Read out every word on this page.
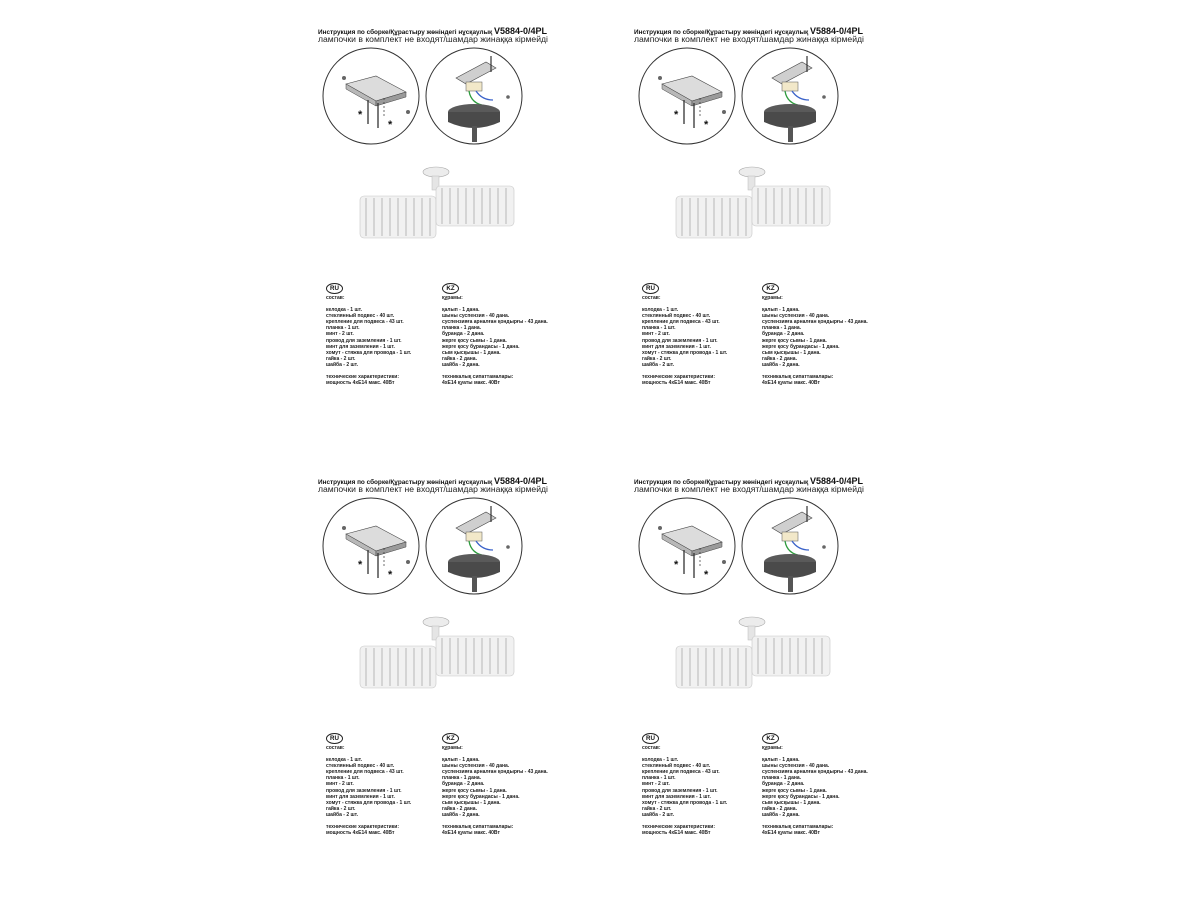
*
*
Инструкция по сборке/Құрастыру жөніндегі нұсқаулық V5884-0/4PL
лампочки в комплект не входят/шамдар жинаққа кірмейді
RU
состав:
келодка - 1 шт.
стеклянный подвес - 40 шт.
крепление для подвеса - 43 шт.
планка - 1 шт.
винт - 2 шт.
провод для заземления - 1 шт.
винт для заземления - 1 шт.
хомут - стяжка для провода - 1 шт.
гайка - 2 шт.
шайба - 2 шт.
технические характеристики:
мощность 4хЕ14 макс. 40Вт
KZ
құрамы:
қалып - 1 дана.
шыны суспензия - 40 дана.
суспензияға арналған қондырғы - 43 дана.
планка - 1 дана.
бұранда - 2 дана.
жерге қосу сымы - 1 дана.
жерге қосу бұрандасы - 1 дана.
сым қысқышы - 1 дана.
гайка - 2 дана.
шайба - 2 дана.
техникалық сипаттамалары:
4хЕ14 қуаты макс. 40Вт
*
*
Инструкция по сборке/Құрастыру жөніндегі нұсқаулық V5884-0/4PL
лампочки в комплект не входят/шамдар жинаққа кірмейді
RU
состав:
колодка - 1 шт.
стеклянный подвес - 40 шт.
крепление для подвеса - 43 шт.
планка - 1 шт.
винт - 2 шт.
провод для заземления - 1 шт.
винт для заземления - 1 шт.
хомут - стяжка для провода - 1 шт.
гайка - 2 шт.
шайба - 2 шт.
технические характеристики:
мощность 4хЕ14 макс. 40Вт
KZ
құрамы:
қалып - 1 дана.
шыны суспензия - 40 дана.
суспензияға арналған қондырғы - 43 дана.
планка - 1 дана.
бұранда - 2 дана.
жерге қосу сымы - 1 дана.
жерге қосу бұрандасы - 1 дана.
сым қысқышы - 1 дана.
гайка - 2 дана.
шайба - 2 дана.
техникалық сипаттамалары:
4хЕ14 қуаты макс. 40Вт
*
*
Инструкция по сборке/Құрастыру жөніндегі нұсқаулық V5884-0/4PL
лампочки в комплект не входят/шамдар жинаққа кірмейді
RU
состав:
келодка - 1 шт.
стеклянный подвес - 40 шт.
крепление для подвеса - 43 шт.
планка - 1 шт.
винт - 2 шт.
провод для заземления - 1 шт.
винт для заземления - 1 шт.
хомут - стяжка для провода - 1 шт.
гайка - 2 шт.
шайба - 2 шт.
технические характеристики:
мощность 4хЕ14 макс. 40Вт
KZ
құрамы:
қалып - 1 дана.
шыны суспензия - 40 дана.
суспензияға арналған қондырғы - 43 дана.
планка - 1 дана.
бұранда - 2 дана.
жерге қосу сымы - 1 дана.
жерге қосу бұрандасы - 1 дана.
сым қысқышы - 1 дана.
гайка - 2 дана.
шайба - 2 дана.
техникалық сипаттамалары:
4хЕ14 қуаты макс. 40Вт
*
*
Инструкция по сборке/Құрастыру жөніндегі нұсқаулық V5884-0/4PL
лампочки в комплект не входят/шамдар жинаққа кірмейді
RU
состав:
колодка - 1 шт.
стеклянный подвес - 40 шт.
крепление для подвеса - 43 шт.
планка - 1 шт.
винт - 2 шт.
провод для заземления - 1 шт.
винт для заземления - 1 шт.
хомут - стяжка для провода - 1 шт.
гайка - 2 шт.
шайба - 2 шт.
технические характеристики:
мощность 4хЕ14 макс. 40Вт
KZ
құрамы:
қалып - 1 дана.
шыны суспензия - 40 дана.
суспензияға арналған қондырғы - 43 дана.
планка - 1 дана.
бұранда - 2 дана.
жерге қосу сымы - 1 дана.
жерге қосу бұрандасы - 1 дана.
сым қысқышы - 1 дана.
гайка - 2 дана.
шайба - 2 дана.
техникалық сипаттамалары:
4хЕ14 қуаты макс. 40Вт
